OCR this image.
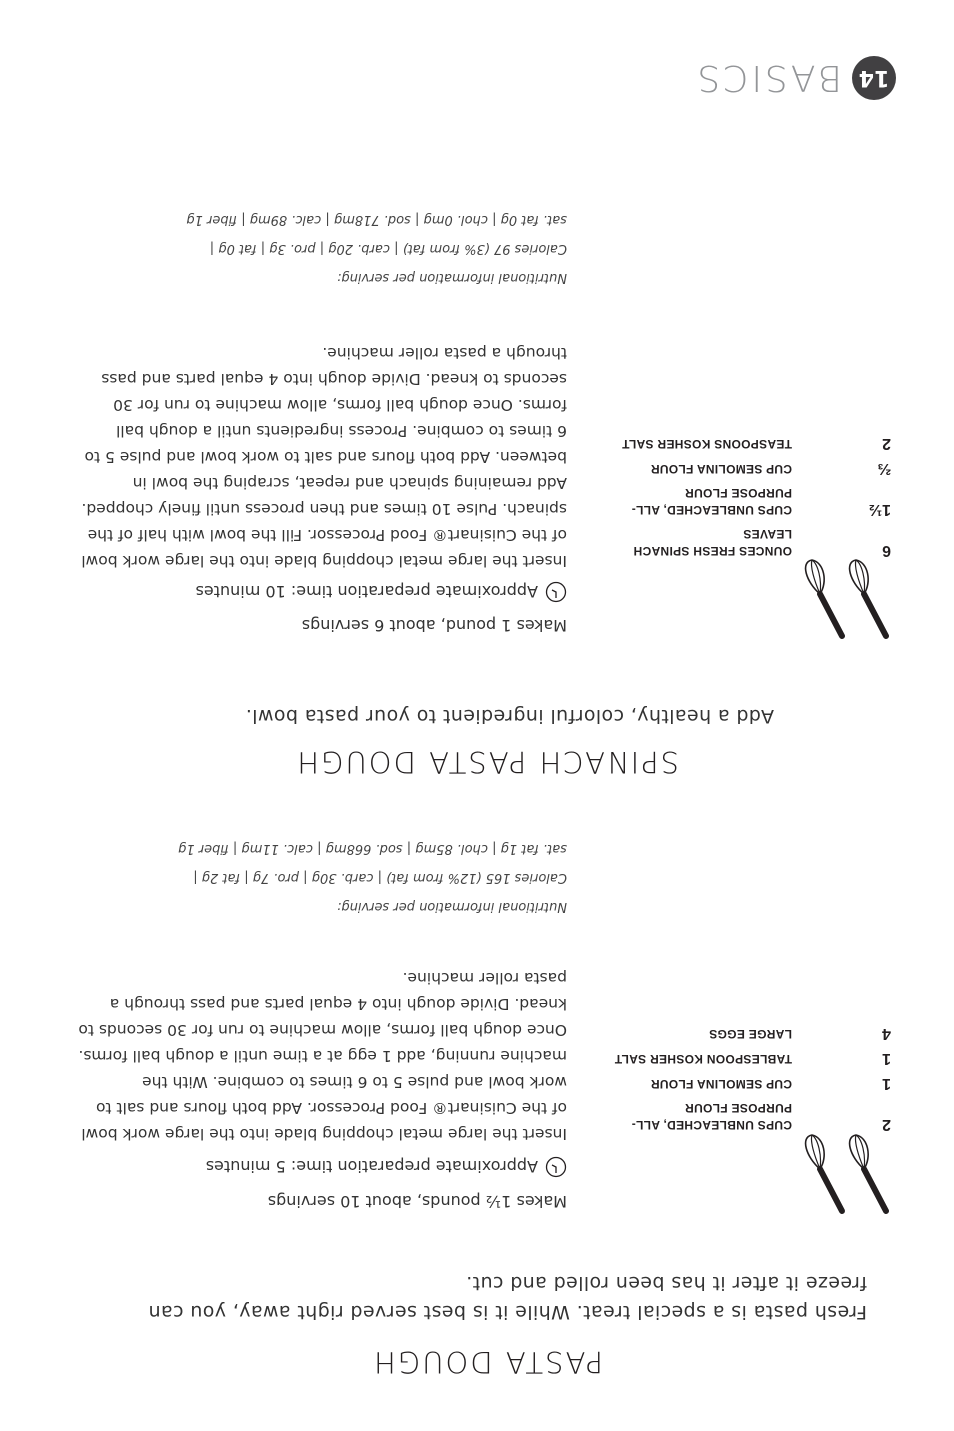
PASTA DOUGH
Fresh pasta is a special treat. While it is best served right away, you can freeze it after it has been rolled and cut.
Makes 1½ pounds, about 10 servings
Approximate preparation time: 5 minutes
2
CUPS UNBLEACHED, ALL-PURPOSE FLOUR
1
CUP SEMOLINA FLOUR
1
TABLESPOON KOSHER SALT
4
LARGE EGGS

Insert the large metal chopping blade into the large work bowl of the Cuisinart® Food Processor. Add both flours and salt to work bowl and pulse 5 to 6 times to combine. With the machine running, add 1 egg at a time until a dough ball forms. Once dough ball forms, allow machine to run for 30 seconds to knead. Divide dough into 4 equal parts and pass through a pasta roller machine.

Nutritional information per serving:
Calories 165 (12% from fat) | carb. 30g | pro. 7g | fat 2g |
sat. fat 1g | chol. 85mg | sod. 668mg | calc. 11mg | fiber 1g
SPINACH PASTA DOUGH
Add a healthy, colorful ingredient to your pasta bowl.
Makes 1 pound, about 6 servings
Approximate preparation time: 10 minutes
6
OUNCES FRESH SPINACH LEAVES
1½
CUPS UNBLEACHED, ALL-PURPOSE FLOUR
⅔
CUP SEMOLINA FLOUR
2
TEASPOONS KOSHER SALT

Insert the large metal chopping blade into the large work bowl of the Cuisinart® Food Processor. Fill the bowl with half of the spinach. Pulse 10 times and then process until finely chopped. Add remaining spinach and repeat, scraping the bowl in between. Add both flours and salt to work bowl and pulse 5 to 6 times to combine. Process ingredients until a dough ball forms. Once dough ball forms, allow machine to run for 30 seconds to knead. Divide dough into 4 equal parts and pass through a pasta roller machine.

Nutritional information per serving:
Calories 97 (3% from fat) | carb. 20g | pro. 3g | fat 0g |
sat. fat 0g | chol. 0mg | sod. 718mg | calc. 89mg | fiber 1g
14
BASICS
